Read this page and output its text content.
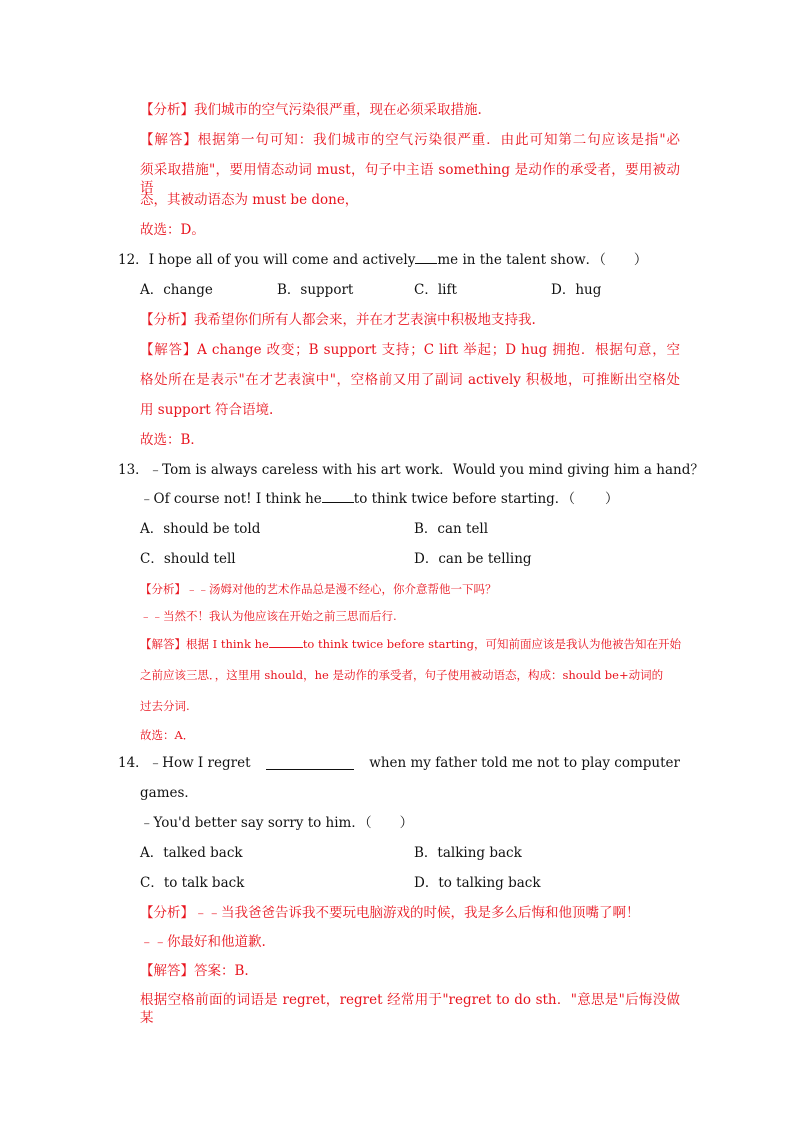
【分析】我们城市的空气污染很严重，现在必须采取措施.
【解答】根据第一句可知：我们城市的空气污染很严重．由此可知第二句应该是指"必
须采取措施"，要用情态动词 must，句子中主语 something 是动作的承受者，要用被动语
态，其被动语态为 must be done，
故选：D。
12．I hope all of you will come and actively me in the talent show．（ ）
A．change	B．support	C．lift	D．hug
【分析】我希望你们所有人都会来，并在才艺表演中积极地支持我.
【解答】A change 改变；B support 支持；C lift 举起；D hug 拥抱．根据句意，空
格处所在是表示"在才艺表演中"，空格前又用了副词 actively 积极地，可推断出空格处
用 support 符合语境.
故选：B．
13．﹣Tom is always careless with his art work．Would you mind giving him a hand？
﹣Of course not! I think he to think twice before starting．（ ）
A．should be told	B．can tell
C．should tell	D．can be telling
【分析】﹣﹣汤姆对他的艺术作品总是漫不经心，你介意帮他一下吗？
﹣﹣当然不！我认为他应该在开始之前三思而后行.
【解答】根据 I think he	to think twice before starting，可知前面应该是我认为他被告知在开始
之前应该三思．，这里用 should，he 是动作的承受者，句子使用被动语态，构成：should be+动词的
过去分词.
故选：A．
14．﹣How I regret	when my father told me not to play computer
games．
﹣You'd better say sorry to him．（ ）
A．talked back	B．talking back
C．to talk back	D．to talking back
【分析】﹣﹣当我爸爸告诉我不要玩电脑游戏的时候，我是多么后悔和他顶嘴了啊！
﹣﹣你最好和他道歉.
【解答】答案：B.
根据空格前面的词语是 regret，regret 经常用于"regret to do sth．"意思是"后悔没做某
